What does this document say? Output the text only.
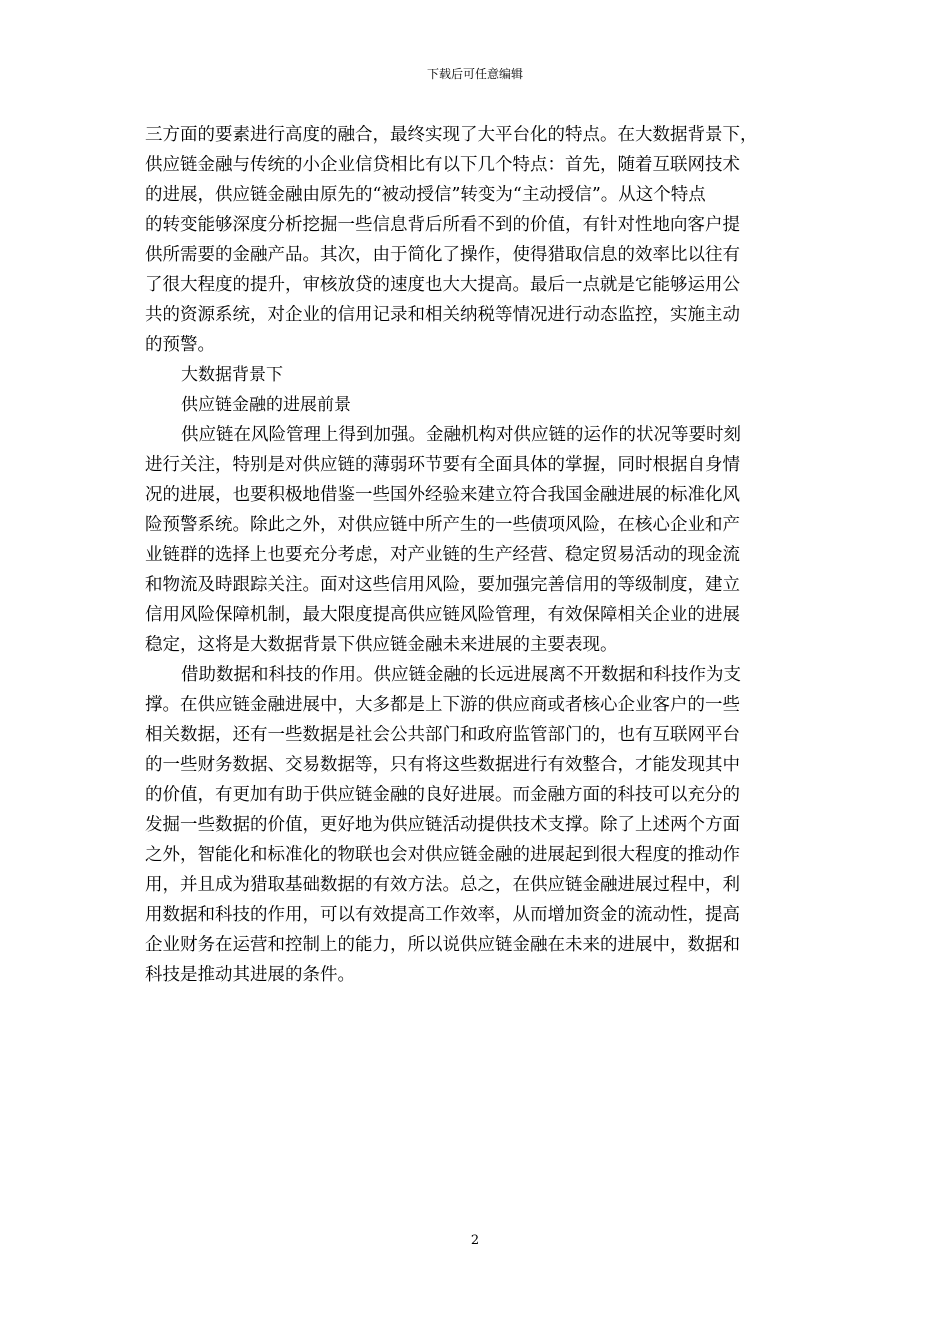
下载后可任意编辑
三方面的要素进行高度的融合，最终实现了大平台化的特点。在大数据背景下，
供应链金融与传统的小企业信贷相比有以下几个特点：首先，随着互联网技术
的进展，供应链金融由原先的“被动授信”转变为“主动授信”。从这个特点
的转变能够深度分析挖掘一些信息背后所看不到的价值，有针对性地向客户提
供所需要的金融产品。其次，由于简化了操作，使得猎取信息的效率比以往有
了很大程度的提升，审核放贷的速度也大大提高。最后一点就是它能够运用公
共的资源系统，对企业的信用记录和相关纳税等情况进行动态监控，实施主动
的预警。
大数据背景下
供应链金融的进展前景
供应链在风险管理上得到加强。金融机构对供应链的运作的状况等要时刻
进行关注，特别是对供应链的薄弱环节要有全面具体的掌握，同时根据自身情
况的进展，也要积极地借鉴一些国外经验来建立符合我国金融进展的标准化风
险预警系统。除此之外，对供应链中所产生的一些债项风险，在核心企业和产
业链群的选择上也要充分考虑，对产业链的生产经营、稳定贸易活动的现金流
和物流及時跟踪关注。面对这些信用风险，要加强完善信用的等级制度，建立
信用风险保障机制，最大限度提高供应链风险管理，有效保障相关企业的进展
稳定，这将是大数据背景下供应链金融未来进展的主要表现。
借助数据和科技的作用。供应链金融的长远进展离不开数据和科技作为支
撑。在供应链金融进展中，大多都是上下游的供应商或者核心企业客户的一些
相关数据，还有一些数据是社会公共部门和政府监管部门的，也有互联网平台
的一些财务数据、交易数据等，只有将这些数据进行有效整合，才能发现其中
的价值，有更加有助于供应链金融的良好进展。而金融方面的科技可以充分的
发掘一些数据的价值，更好地为供应链活动提供技术支撑。除了上述两个方面
之外，智能化和标准化的物联也会对供应链金融的进展起到很大程度的推动作
用，并且成为猎取基础数据的有效方法。总之，在供应链金融进展过程中，利
用数据和科技的作用，可以有效提高工作效率，从而增加资金的流动性，提高
企业财务在运营和控制上的能力，所以说供应链金融在未来的进展中，数据和
科技是推动其进展的条件。
2
